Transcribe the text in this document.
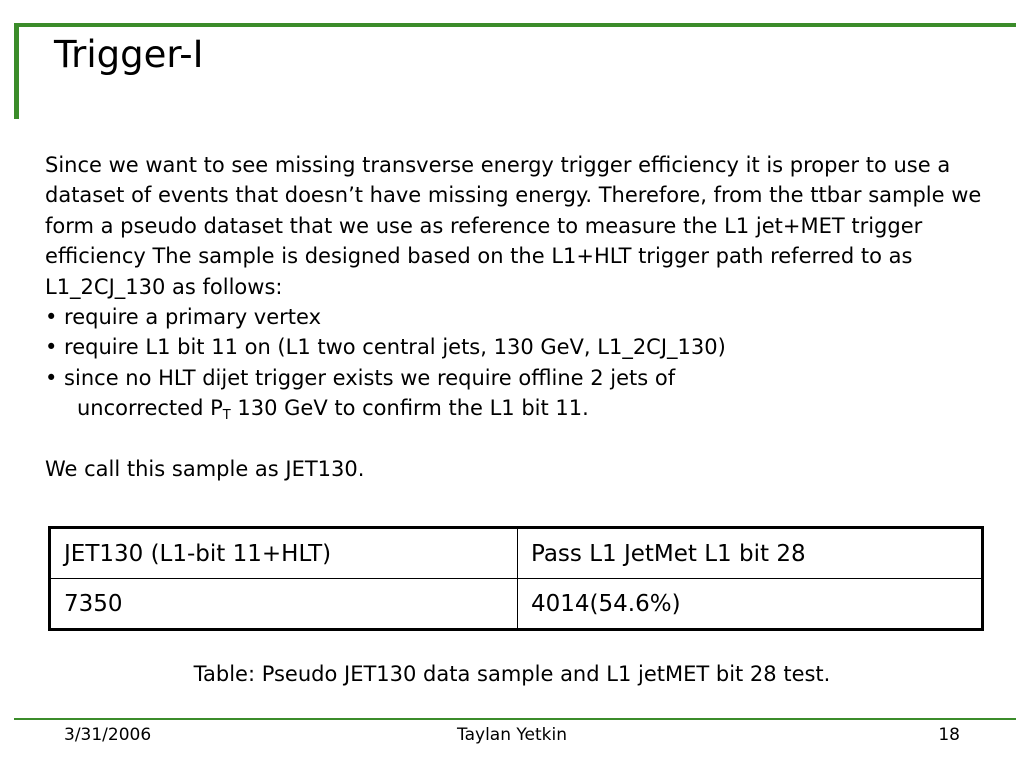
Trigger-I

Since we want to see missing transverse energy trigger efficiency it is proper to use a dataset of events that doesn’t have missing energy. Therefore, from the ttbar sample we form a pseudo dataset that we use as reference to measure the L1 jet+MET trigger efficiency The sample is designed based on the L1+HLT trigger path referred to as L1_2CJ_130 as follows:

• require a primary vertex

• require L1 bit 11 on (L1 two central jets, 130 GeV, L1_2CJ_130)

• since no HLT dijet trigger exists we require offline 2 jets of

uncorrected $P_T$ 130 GeV to confirm the L1 bit 11.

We call this sample as JET130.

JET130 (L1-bit 11+HLT)	Pass L1 JetMet L1 bit 28
7350	4014(54.6%)

Table: Pseudo JET130 data sample and L1 jetMET bit 28 test.

3/31/2006	Taylan Yetkin	18
